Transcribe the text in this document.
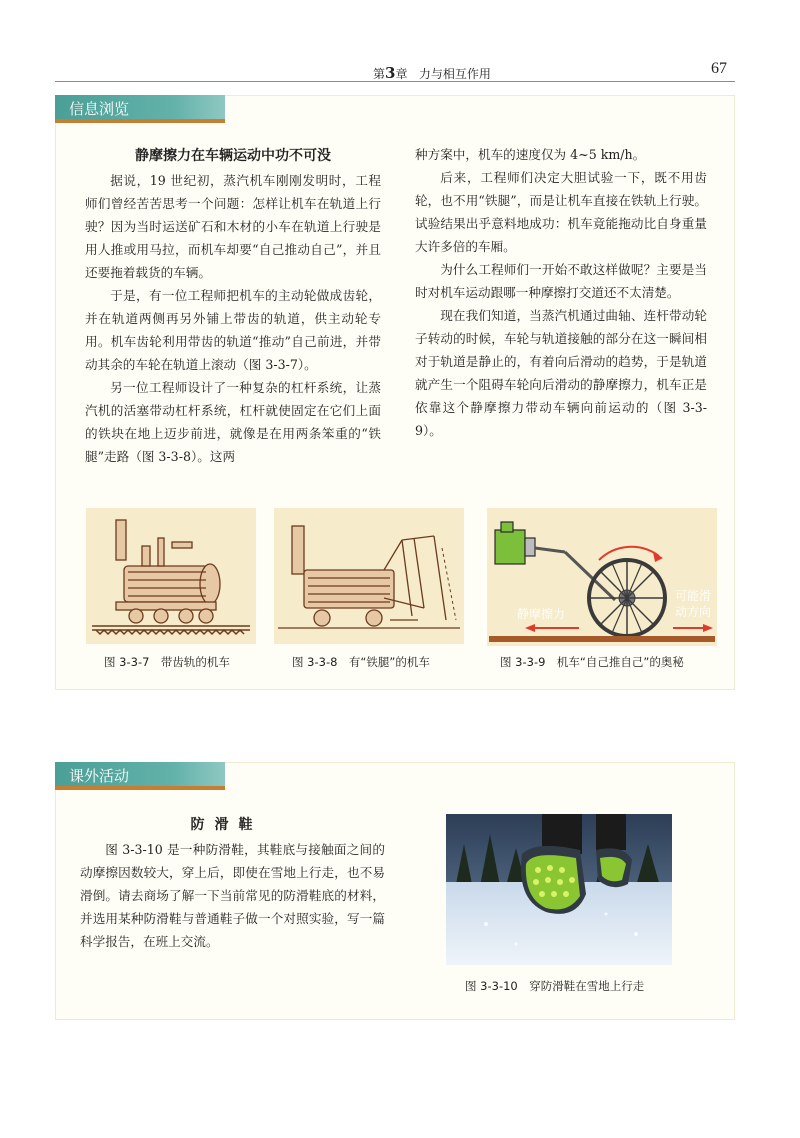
第3章 力与相互作用	67
信息浏览
静摩擦力在车辆运动中功不可没

据说，19 世纪初，蒸汽机车刚刚发明时，工程师们曾经苦苦思考一个问题：怎样让机车在轨道上行驶？因为当时运送矿石和木材的小车在轨道上行驶是用人推或用马拉，而机车却要“自己推动自己”，并且还要拖着载货的车辆。

于是，有一位工程师把机车的主动轮做成齿轮，并在轨道两侧再另外铺上带齿的轨道，供主动轮专用。机车齿轮利用带齿的轨道“推动”自己前进，并带动其余的车轮在轨道上滚动（图 3-3-7）。

另一位工程师设计了一种复杂的杠杆系统，让蒸汽机的活塞带动杠杆系统，杠杆就使固定在它们上面的铁块在地上迈步前进，就像是在用两条笨重的“铁腿”走路（图 3-3-8）。这两

种方案中，机车的速度仅为 4~5 km/h。

后来，工程师们决定大胆试验一下，既不用齿轮，也不用“铁腿”，而是让机车直接在铁轨上行驶。试验结果出乎意料地成功：机车竟能拖动比自身重量大许多倍的车厢。

为什么工程师们一开始不敢这样做呢？主要是当时对机车运动跟哪一种摩擦打交道还不太清楚。

现在我们知道，当蒸汽机通过曲轴、连杆带动轮子转动的时候，车轮与轨道接触的部分在这一瞬间相对于轨道是静止的，有着向后滑动的趋势，于是轨道就产生一个阻碍车轮向后滑动的静摩擦力，机车正是依靠这个静摩擦力带动车辆向前运动的（图 3-3-9）。

图 3-3-7　带齿轨的机车	图 3-3-8　有“铁腿”的机车
静摩擦力
可能滑
动方向
图 3-3-9　机车“自己推自己”的奥秘
课外活动
防滑鞋

图 3-3-10 是一种防滑鞋，其鞋底与接触面之间的动摩擦因数较大，穿上后，即使在雪地上行走，也不易滑倒。请去商场了解一下当前常见的防滑鞋底的材料，并选用某种防滑鞋与普通鞋子做一个对照实验，写一篇科学报告，在班上交流。

图 3-3-10　穿防滑鞋在雪地上行走
